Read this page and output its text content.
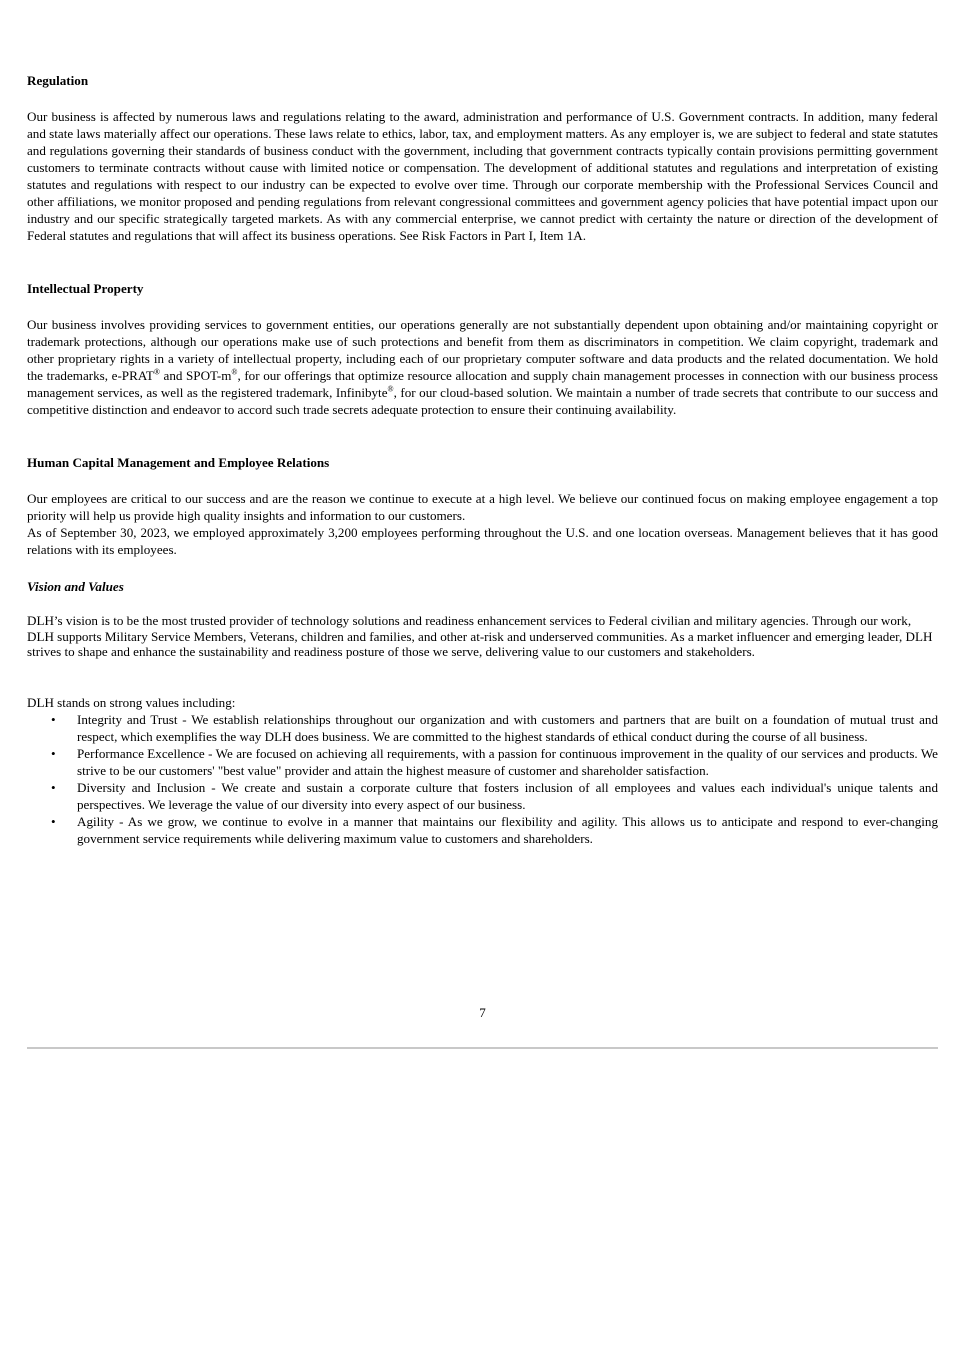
Regulation

Our business is affected by numerous laws and regulations relating to the award, administration and performance of U.S. Government contracts. In addition, many federal and state laws materially affect our operations. These laws relate to ethics, labor, tax, and employment matters. As any employer is, we are subject to federal and state statutes and regulations governing their standards of business conduct with the government, including that government contracts typically contain provisions permitting government customers to terminate contracts without cause with limited notice or compensation. The development of additional statutes and regulations and interpretation of existing statutes and regulations with respect to our industry can be expected to evolve over time. Through our corporate membership with the Professional Services Council and other affiliations, we monitor proposed and pending regulations from relevant congressional committees and government agency policies that have potential impact upon our industry and our specific strategically targeted markets. As with any commercial enterprise, we cannot predict with certainty the nature or direction of the development of Federal statutes and regulations that will affect its business operations. See Risk Factors in Part I, Item 1A.

Intellectual Property

Our business involves providing services to government entities, our operations generally are not substantially dependent upon obtaining and/or maintaining copyright or trademark protections, although our operations make use of such protections and benefit from them as discriminators in competition. We claim copyright, trademark and other proprietary rights in a variety of intellectual property, including each of our proprietary computer software and data products and the related documentation. We hold the trademarks, e-PRAT® and SPOT-m®, for our offerings that optimize resource allocation and supply chain management processes in connection with our business process management services, as well as the registered trademark, Infinibyte®, for our cloud-based solution. We maintain a number of trade secrets that contribute to our success and competitive distinction and endeavor to accord such trade secrets adequate protection to ensure their continuing availability.

Human Capital Management and Employee Relations

Our employees are critical to our success and are the reason we continue to execute at a high level. We believe our continued focus on making employee engagement a top priority will help us provide high quality insights and information to our customers.

As of September 30, 2023, we employed approximately 3,200 employees performing throughout the U.S. and one location overseas. Management believes that it has good relations with its employees.

Vision and Values

DLH’s vision is to be the most trusted provider of technology solutions and readiness enhancement services to Federal civilian and military agencies. Through our work, DLH supports Military Service Members, Veterans, children and families, and other at-risk and underserved communities. As a market influencer and emerging leader, DLH strives to shape and enhance the sustainability and readiness posture of those we serve, delivering value to our customers and stakeholders.

DLH stands on strong values including:

• Integrity and Trust - We establish relationships throughout our organization and with customers and partners that are built on a foundation of mutual trust and respect, which exemplifies the way DLH does business. We are committed to the highest standards of ethical conduct during the course of all business.
• Performance Excellence - We are focused on achieving all requirements, with a passion for continuous improvement in the quality of our services and products. We strive to be our customers' "best value" provider and attain the highest measure of customer and shareholder satisfaction.
• Diversity and Inclusion - We create and sustain a corporate culture that fosters inclusion of all employees and values each individual's unique talents and perspectives. We leverage the value of our diversity into every aspect of our business.
• Agility - As we grow, we continue to evolve in a manner that maintains our flexibility and agility. This allows us to anticipate and respond to ever-changing government service requirements while delivering maximum value to customers and shareholders.
7
